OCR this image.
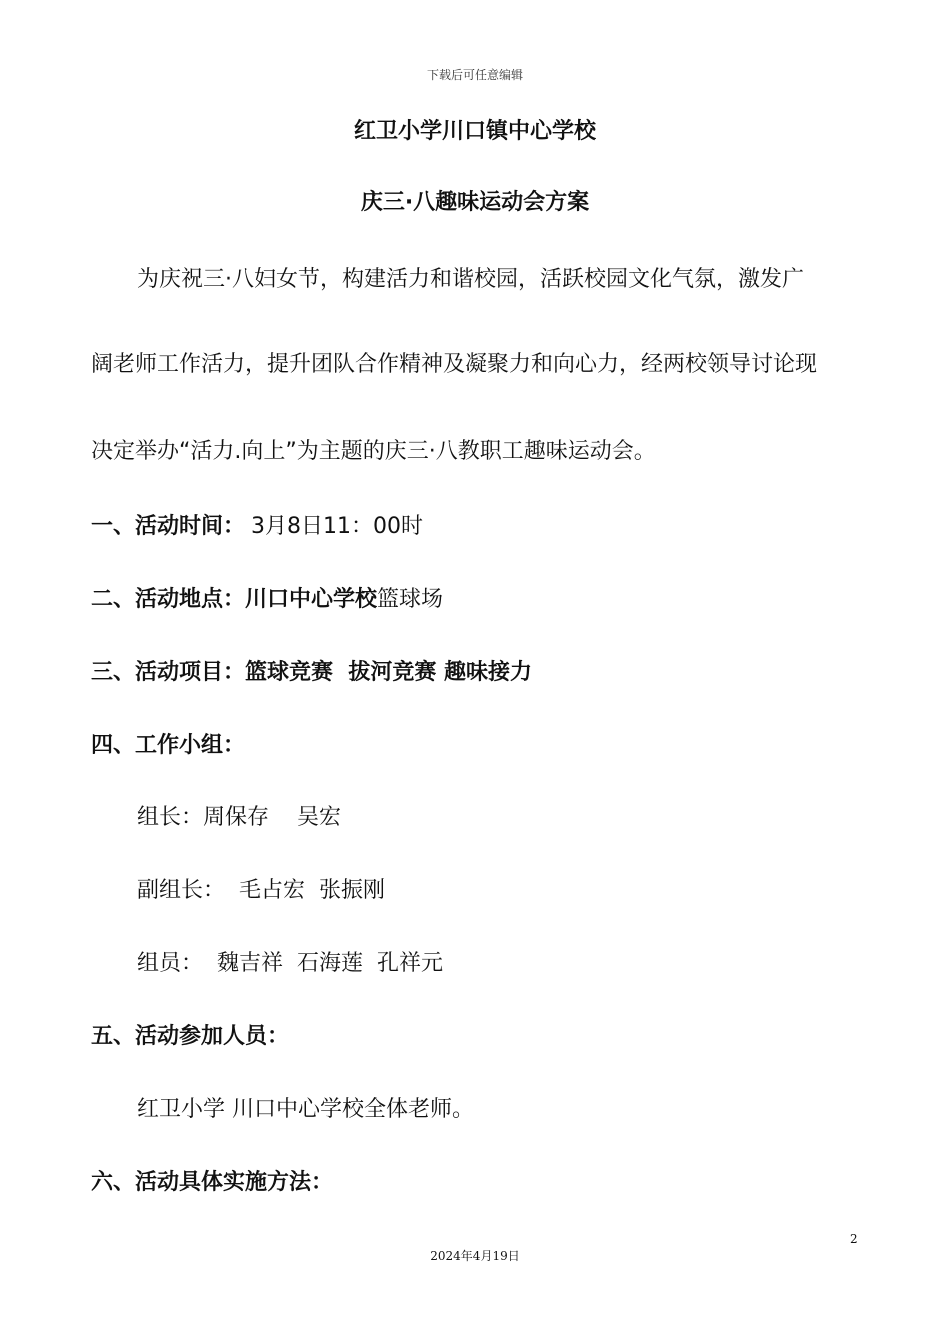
下载后可任意编辑
红卫小学川口镇中心学校
庆三·八趣味运动会方案
为庆祝三·八妇女节，构建活力和谐校园，活跃校园文化气氛，激发广
阔老师工作活力，提升团队合作精神及凝聚力和向心力，经两校领导讨论现
决定举办“活力.向上”为主题的庆三·八教职工趣味运动会。
一、活动时间： 3月8日11：00时
二、活动地点：川口中心学校篮球场
三、活动项目：篮球竞赛  拔河竞赛 趣味接力
四、工作小组：
组长：周保存    吴宏
副组长：  毛占宏  张振刚
组员：  魏吉祥  石海莲  孔祥元
五、活动参加人员：
红卫小学 川口中心学校全体老师。
六、活动具体实施方法：
2
2024年4月19日
